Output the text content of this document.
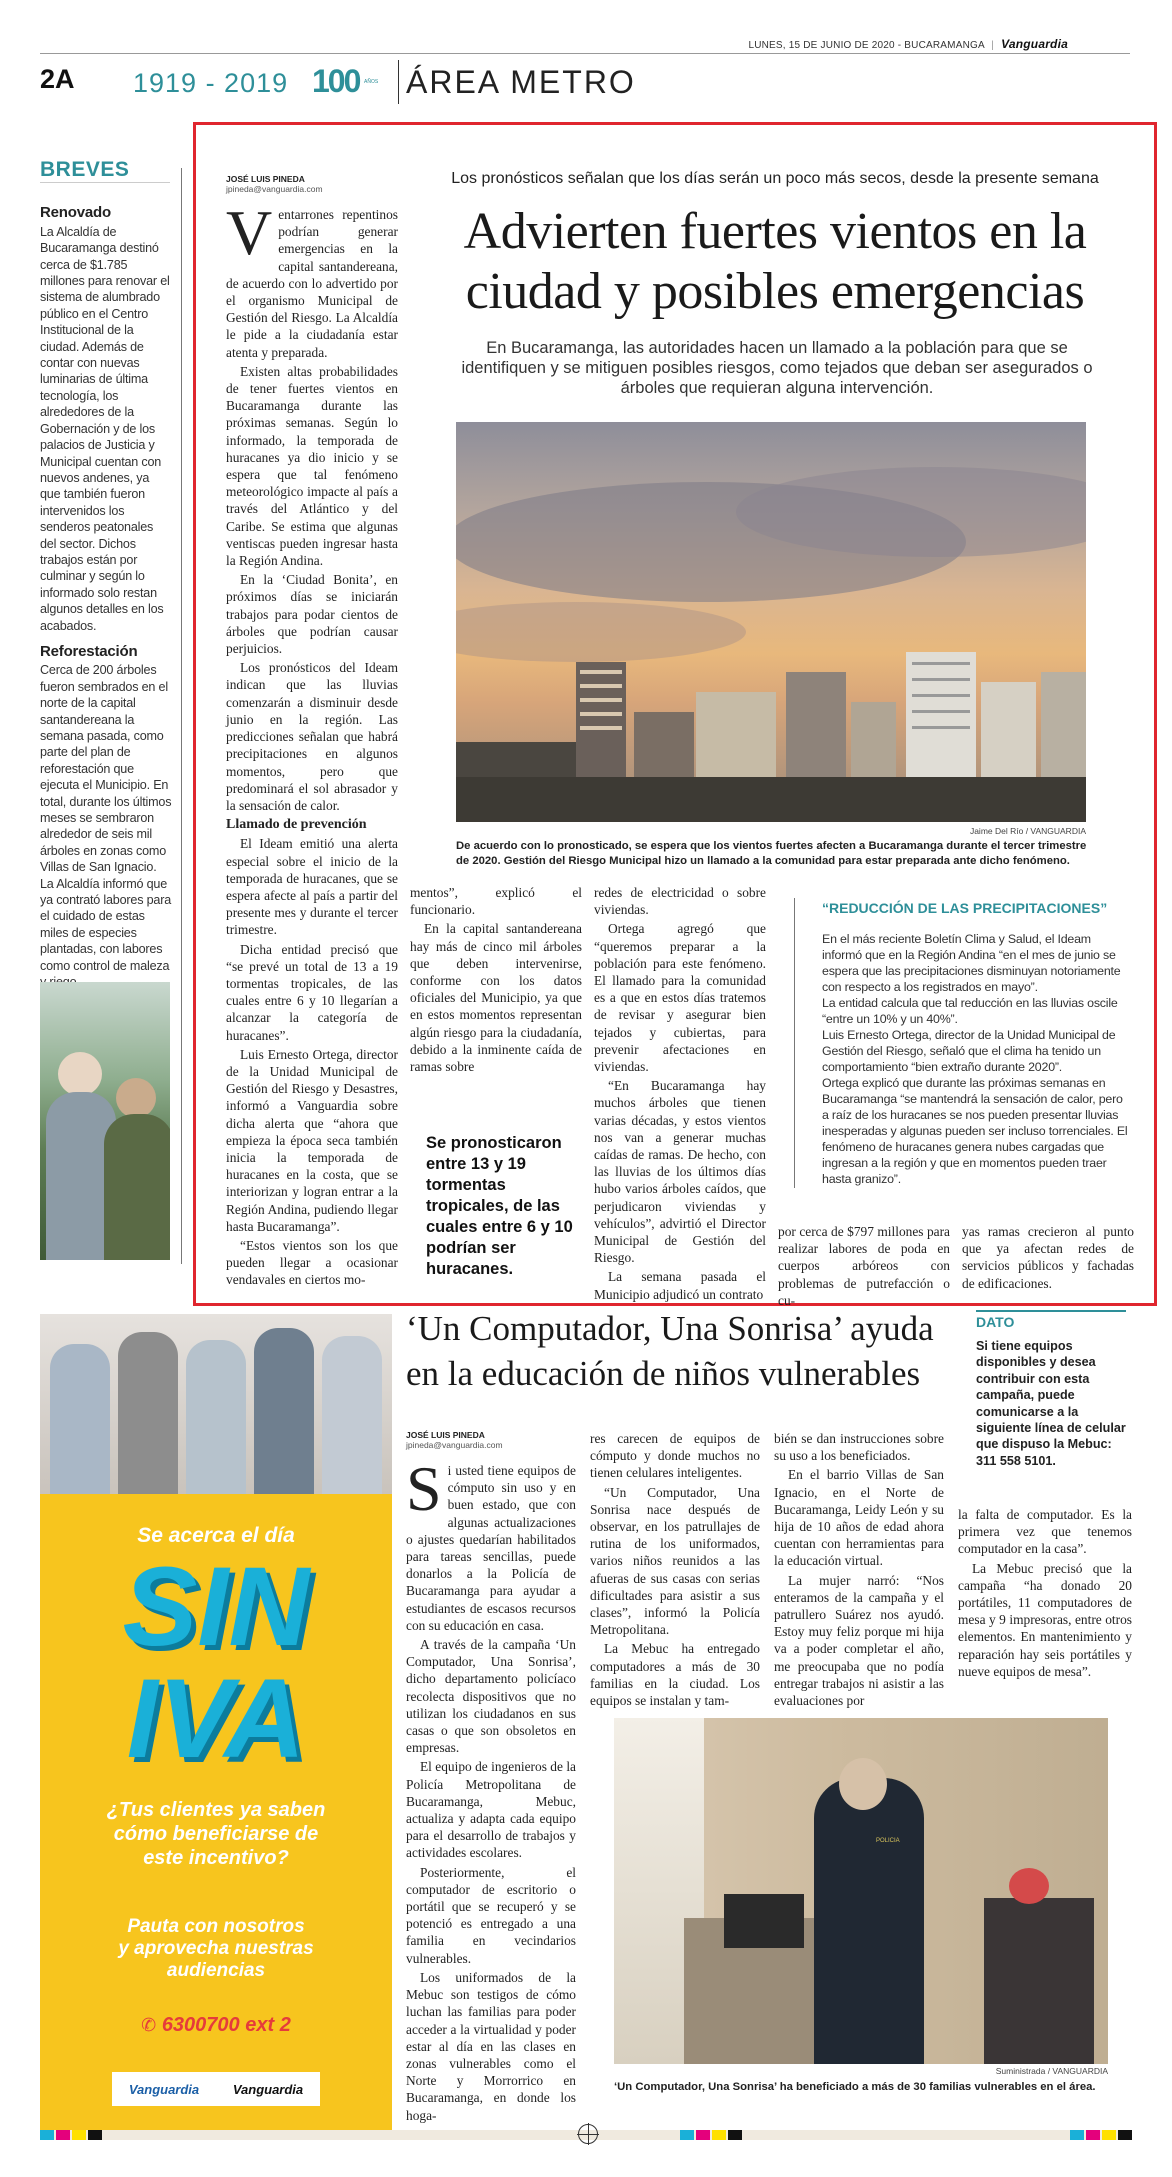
LUNES, 15 DE JUNIO DE 2020 - BUCARAMANGA | Vanguardia
2A 1919 - 2019 100 AÑOS ÁREA METRO
BREVES
Renovado
La Alcaldía de Bucaramanga destinó cerca de $1.785 millones para renovar el sistema de alumbrado público en el Centro Institucional de la ciudad. Además de contar con nuevas luminarias de última tecnología, los alrededores de la Gobernación y de los palacios de Justicia y Municipal cuentan con nuevos andenes, ya que también fueron intervenidos los senderos peatonales del sector. Dichos trabajos están por culminar y según lo informado solo restan algunos detalles en los acabados.
Reforestación
Cerca de 200 árboles fueron sembrados en el norte de la capital santandereana la semana pasada, como parte del plan de reforestación que ejecuta el Municipio. En total, durante los últimos meses se sembraron alrededor de seis mil árboles en zonas como Villas de San Ignacio. La Alcaldía informó que ya contrató labores para el cuidado de estas miles de especies plantadas, con labores como control de maleza
JOSÉ LUIS PINEDA
jpineda@vanguardia.com
Los pronósticos señalan que los días serán un poco más secos, desde la presente semana
Advierten fuertes vientos en la ciudad y posibles emergencias
En Bucaramanga, las autoridades hacen un llamado a la población para que se identifiquen y se mitiguen posibles riesgos, como tejados que deban ser asegurados o árboles que requieran alguna intervención.
Jaime Del Río / VANGUARDIA
De acuerdo con lo pronosticado, se espera que los vientos fuertes afecten a Bucaramanga durante el tercer trimestre de 2020. Gestión del Riesgo Municipal hizo un llamado a la comunidad para estar preparada ante dicho fenómeno.
V entarrones repentinos podrían generar emergencias en la capital santandereana, de acuerdo con lo advertido por el organismo Municipal de Gestión del Riesgo. La Alcaldía le pide a la ciudadanía estar atenta y preparada.

Existen altas probabilidades de tener fuertes vientos en Bucaramanga durante las próximas semanas. Según lo informado, la temporada de huracanes ya dio inicio y se espera que tal fenómeno meteorológico impacte al país a través del Atlántico y del Caribe. Se estima que algunas ventiscas pueden ingresar hasta la Región Andina.

En la ‘Ciudad Bonita’, en próximos días se iniciarán trabajos para podar cientos de árboles que podrían causar perjuicios.

Los pronósticos del Ideam indican que las lluvias comenzarán a disminuir desde junio en la región. Las predicciones señalan que habrá precipitaciones en algunos momentos, pero que predominará el sol abrasador y la sensación de calor.

Llamado de prevención

El Ideam emitió una alerta especial sobre el inicio de la temporada de huracanes, que se espera afecte al país a partir del presente mes y durante el tercer trimestre.

Dicha entidad precisó que “se prevé un total de 13 a 19 tormentas tropicales, de las cuales entre 6 y 10 llegarían a alcanzar la categoría de huracanes”.

Luis Ernesto Ortega, director de la Unidad Municipal de Gestión del Riesgo y Desastres, informó a Vanguardia sobre dicha alerta que “ahora que empieza la época seca también inicia la temporada de huracanes en la costa, que se interiorizan y logran entrar a la Región Andina, pudiendo llegar hasta Bucaramanga”.

“Estos vientos son los que pueden llegar a ocasionar vendavales en ciertos mo-

mentos”, explicó el funcionario.

En la capital santandereana hay más de cinco mil árboles que deben intervenirse, conforme con los datos oficiales del Municipio, ya que en estos momentos representan algún riesgo para la ciudadanía, debido a la inminente caída de ramas sobre

Se pronosticaron entre 13 y 19 tormentas tropicales, de las cuales entre 6 y 10 podrían ser huracanes.

redes de electricidad o sobre viviendas.

Ortega agregó que “queremos preparar a la población para este fenómeno. El llamado para la comunidad es a que en estos días tratemos de revisar y asegurar bien tejados y cubiertas, para prevenir afectaciones en viviendas.

“En Bucaramanga hay muchos árboles que tienen varias décadas, y estos vientos nos van a generar muchas caídas de ramas. De hecho, con las lluvias de los últimos días hubo varios árboles caídos, que perjudicaron viviendas y vehículos”, advirtió el Director Municipal de Gestión del Riesgo.

La semana pasada el Municipio adjudicó un contrato

“REDUCCIÓN DE LAS PRECIPITACIONES”
En el más reciente Boletín Clima y Salud, el Ideam informó que en la Región Andina “en el mes de junio se espera que las precipitaciones disminuyan notoriamente con respecto a los registrados en mayo”.
La entidad calcula que tal reducción en las lluvias oscile “entre un 10% y un 40%”.
Luis Ernesto Ortega, director de la Unidad Municipal de Gestión del Riesgo, señaló que el clima ha tenido un comportamiento “bien extraño durante 2020”.
Ortega explicó que durante las próximas semanas en Bucaramanga “se mantendrá la sensación de calor, pero a raíz de los huracanes se nos pueden presentar lluvias inesperadas y algunas pueden ser incluso torrenciales. El fenómeno de huracanes genera nubes cargadas que ingresan a la región y que en momentos pueden traer hasta granizo”.

por cerca de $797 millones para realizar labores de poda en cuerpos arbóreos con problemas de putrefacción o cu-

yas ramas crecieron al punto que ya afectan redes de servicios públicos y fachadas de edificaciones.

Se acerca el día
SIN
IVA
¿Tus clientes ya saben
cómo beneficiarse de
este incentivo?
Pauta con nosotros
y aprovecha nuestras
audiencias
✆ 6300700 ext 2
Vanguardia	Vanguardia
‘Un Computador, Una Sonrisa’ ayuda en la educación de niños vulnerables
DATO
Si tiene equipos disponibles y desea contribuir con esta campaña, puede comunicarse a la siguiente línea de celular que dispuso la Mebuc: 311 558 5101.
JOSÉ LUIS PINEDA
jpineda@vanguardia.com
S i usted tiene equipos de cómputo sin uso y en buen estado, que con algunas actualizaciones o ajustes quedarían habilitados para tareas sencillas, puede donarlos a la Policía de Bucaramanga para ayudar a estudiantes de escasos recursos con su educación en casa.

A través de la campaña ‘Un Computador, Una Sonrisa’, dicho departamento policíaco recolecta dispositivos que no utilizan los ciudadanos en sus casas o que son obsoletos en empresas.

El equipo de ingenieros de la Policía Metropolitana de Bucaramanga, Mebuc, actualiza y adapta cada equipo para el desarrollo de trabajos y actividades escolares.

Posteriormente, el computador de escritorio o portátil que se recuperó y se potenció es entregado a una familia en vecindarios vulnerables.

Los uniformados de la Mebuc son testigos de cómo luchan las familias para poder acceder a la virtualidad y poder estar al día en las clases en zonas vulnerables como el Norte y Morrorrico en Bucaramanga, en donde los hoga-

res carecen de equipos de cómputo y donde muchos no tienen celulares inteligentes.

“Un Computador, Una Sonrisa nace después de observar, en los patrullajes de rutina de los uniformados, varios niños reunidos a las afueras de sus casas con serias dificultades para asistir a sus clases”, informó la Policía Metropolitana.

La Mebuc ha entregado computadores a más de 30 familias en la ciudad. Los equipos se instalan y tam-

bién se dan instrucciones sobre su uso a los beneficiados.

En el barrio Villas de San Ignacio, en el Norte de Bucaramanga, Leidy León y su hija de 10 años de edad ahora cuentan con herramientas para la educación virtual.

La mujer narró: “Nos enteramos de la campaña y el patrullero Suárez nos ayudó. Estoy muy feliz porque mi hija va a poder completar el año, me preocupaba que no podía entregar trabajos ni asistir a las evaluaciones por

la falta de computador. Es la primera vez que tenemos computador en la casa”.

La Mebuc precisó que la campaña “ha donado 20 portátiles, 11 computadores de mesa y 9 impresoras, entre otros elementos. En mantenimiento y reparación hay seis portátiles y nueve equipos de mesa”.

POLICIA
Suministrada / VANGUARDIA
‘Un Computador, Una Sonrisa’ ha beneficiado a más de 30 familias vulnerables en el área.
